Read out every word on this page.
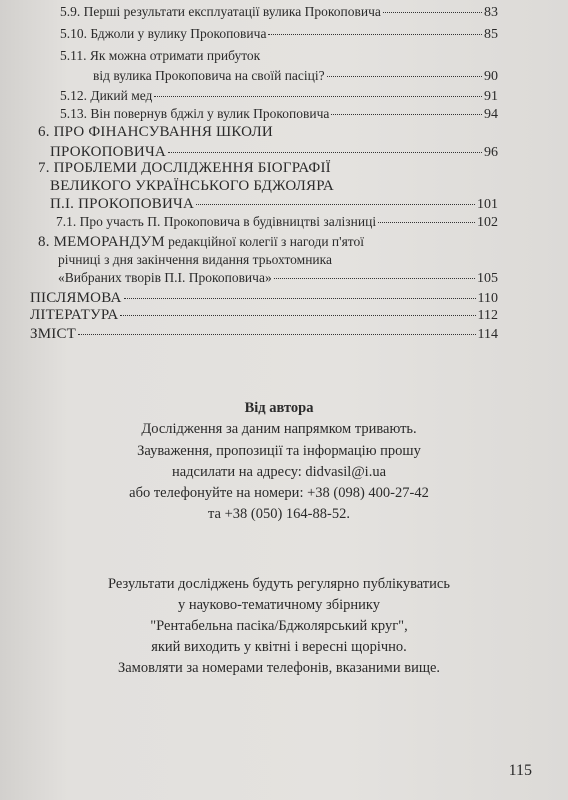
5.9. Перші результати експлуатації вулика Прокоповича	83
5.10. Бджоли у вулику Прокоповича	85
5.11. Як можна отримати прибуток
від вулика Прокоповича на своїй пасіці?	90
5.12. Дикий мед	91
5.13. Він повернув бджіл у вулик Прокоповича	94
6. ПРО ФІНАНСУВАННЯ ШКОЛИ
ПРОКОПОВИЧА	96
7. ПРОБЛЕМИ ДОСЛІДЖЕННЯ БІОГРАФІЇ
ВЕЛИКОГО УКРАЇНСЬКОГО БДЖОЛЯРА
П.І. ПРОКОПОВИЧА	101
7.1. Про участь П. Прокоповича в будівництві залізниці	102
8. МЕМОРАНДУМ редакційної колегії з нагоди п'ятої
річниці з дня закінчення видання трьохтомника
«Вибраних творів П.І. Прокоповича»	105
ПІСЛЯМОВА	110
ЛІТЕРАТУРА	112
ЗМІСТ	114
Від автора
Дослідження за даним напрямком тривають.
Зауваження, пропозиції та інформацію прошу
надсилати на адресу: didvasil@i.ua
або телефонуйте на номери: +38 (098) 400-27-42
та +38 (050) 164-88-52.
Результати досліджень будуть регулярно публікуватись
у науково-тематичному збірнику
"Рентабельна пасіка/Бджолярський круг",
який виходить у квітні і вересні щорічно.
Замовляти за номерами телефонів, вказаними вище.
115
